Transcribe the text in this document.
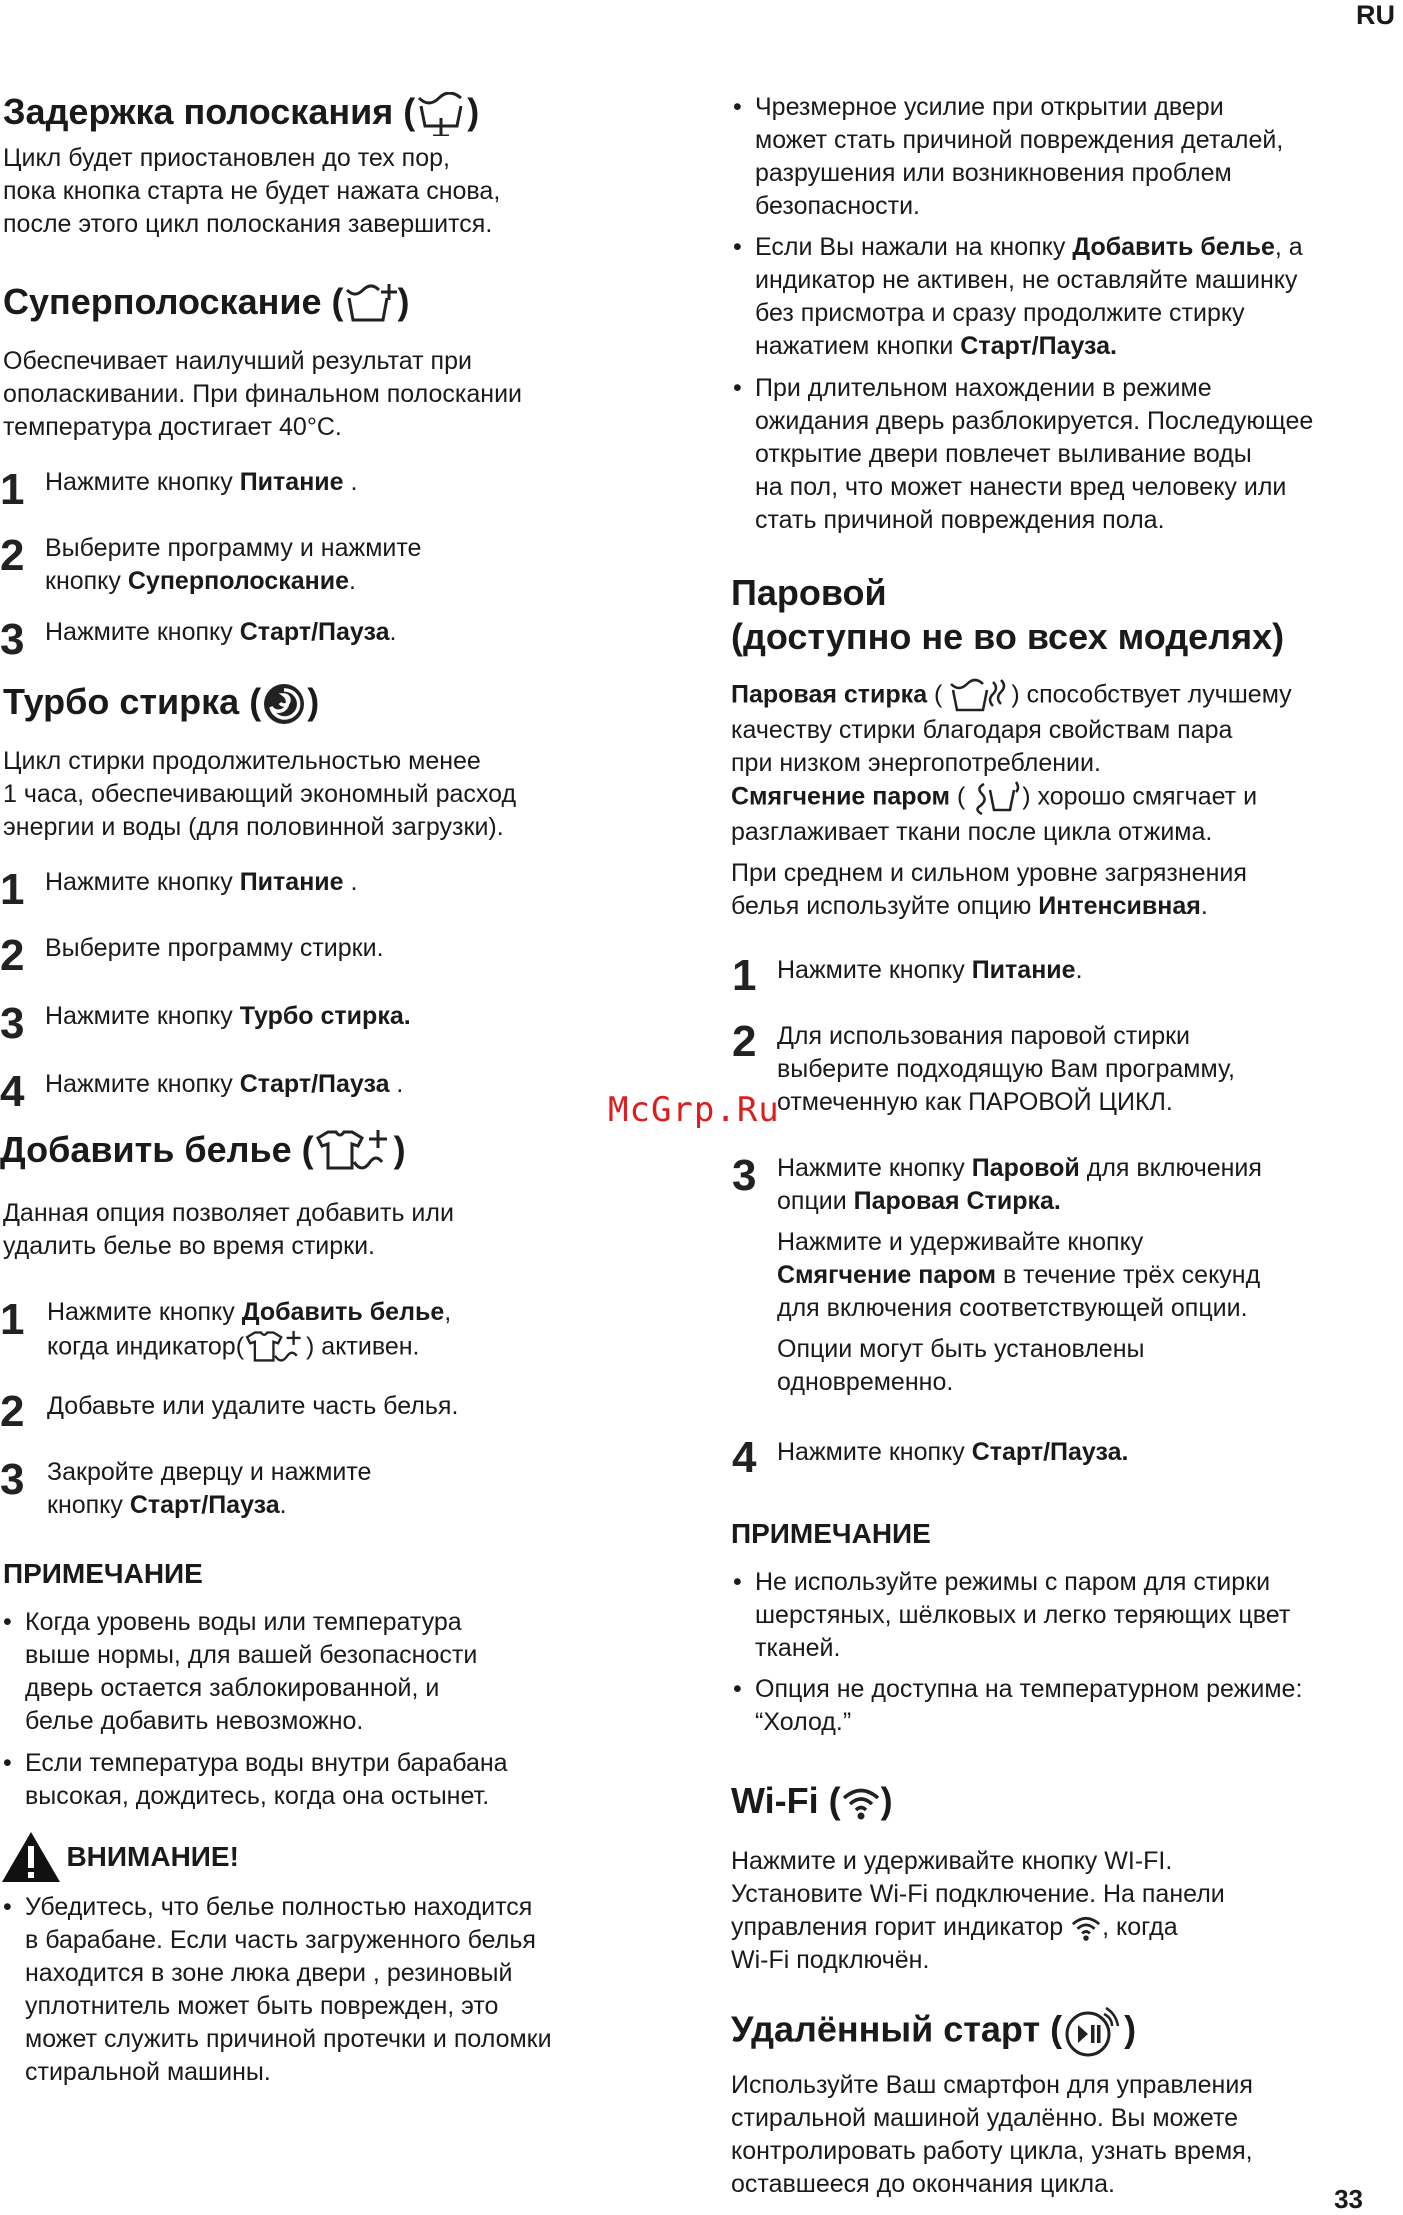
RU
McGrp.Ru
33
Задержка полоскания ( )
Цикл будет приостановлен до тех пор,
пока кнопка старта не будет нажата снова,
после этого цикл полоскания завершится.
Суперполоскание ( )
Обеспечивает наилучший результат при
ополаскивании. При финальном полоскании
температура достигает 40°С.
1 Нажмите кнопку Питание .
2 Выберите программу и нажмите
кнопку Суперполоскание.
3 Нажмите кнопку Старт/Пауза.
Турбо стирка ( )
Цикл стирки продолжительностью менее
1 часа, обеспечивающий экономный расход
энергии и воды (для половинной загрузки).
1 Нажмите кнопку Питание .
2 Выберите программу стирки.
3 Нажмите кнопку Турбо стирка.
4 Нажмите кнопку Старт/Пауза .
Добавить белье ( )
Данная опция позволяет добавить или
удалить белье во время стирки.
1 Нажмите кнопку Добавить белье,
когда индикатор( ) активен.
2 Добавьте или удалите часть белья.
3 Закройте дверцу и нажмите
кнопку Старт/Пауза.
ПРИМЕЧАНИЕ
• Когда уровень воды или температура
выше нормы, для вашей безопасности
дверь остается заблокированной, и
белье добавить невозможно.
• Если температура воды внутри барабана
высокая, дождитесь, когда она остынет.
ВНИМАНИЕ!
• Убедитесь, что белье полностью находится
в барабане. Если часть загруженного белья
находится в зоне люка двери , резиновый
уплотнитель может быть поврежден, это
может служить причиной протечки и поломки
стиральной машины.
• Чрезмерное усилие при открытии двери
может стать причиной повреждения деталей,
разрушения или возникновения проблем
безопасности.
• Если Вы нажали на кнопку Добавить белье, а
индикатор не активен, не оставляйте машинку
без присмотра и сразу продолжите стирку
нажатием кнопки Старт/Пауза.
• При длительном нахождении в режиме
ожидания дверь разблокируется. Последующее
открытие двери повлечет выливание воды
на пол, что может нанести вред человеку или
стать причиной повреждения пола.
Паровой
(доступно не во всех моделях)
Паровая стирка (
) способствует лучшему
качеству стирки благодаря свойствам пара
при низком энергопотреблении.
Смягчение паром (
) хорошо смягчает и
разглаживает ткани после цикла отжима.
При среднем и сильном уровне загрязнения
белья используйте опцию Интенсивная.
1 Нажмите кнопку Питание.
2 Для использования паровой стирки
выберите подходящую Вам программу,
отмеченную как ПАРОВОЙ ЦИКЛ.
3 Нажмите кнопку Паровой для включения
опции Паровая Стирка.
Нажмите и удерживайте кнопку
Смягчение паром в течение трёх секунд
для включения соответствующей опции.
Опции могут быть установлены
одновременно.
4 Нажмите кнопку Старт/Пауза.
ПРИМЕЧАНИЕ
• Не используйте режимы с паром для стирки
шерстяных, шёлковых и легко теряющих цвет
тканей.
• Опция не доступна на температурном режиме:
“Холод.”
Wi-Fi ( )
Нажмите и удерживайте кнопку WI-FI.
Установите Wi-Fi подключение. На панели
управления горит индикатор
, когда
Wi-Fi подключён.
Удалённый старт ( )
Используйте Ваш смартфон для управления
стиральной машиной удалённо. Вы можете
контролировать работу цикла, узнать время,
оставшееся до окончания цикла.
